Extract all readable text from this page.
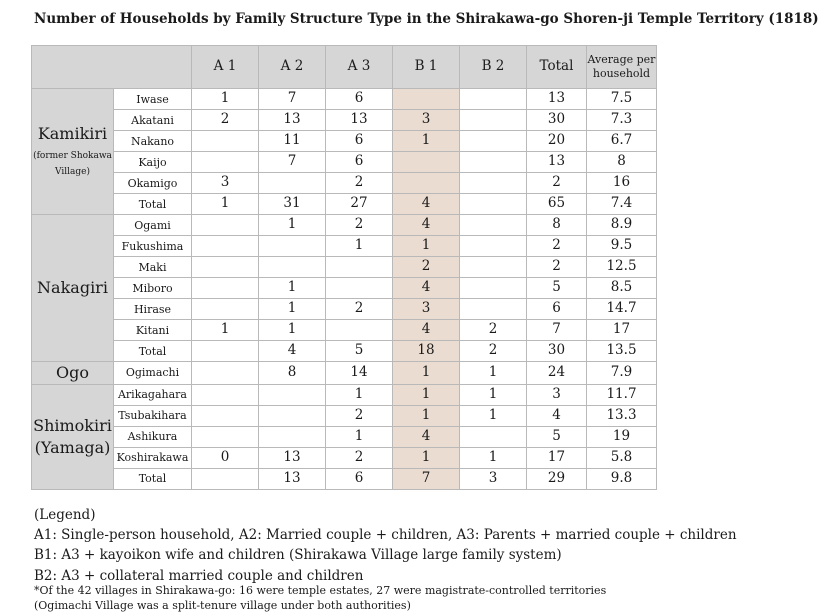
Number of Households by Family Structure Type in the Shirakawa-go Shoren-ji Temple Territory (1818)
		A 1	A 2	A 3	B 1	B 2	Total	Average per household

Kamikiri
(former Shokawa Village)	Iwase	1	7	6			13	7.5
	Akatani	2	13	13	3		30	7.3
	Nakano		11	6	1		20	6.7
	Kaijo		7	6			13	8
	Okamigo	3		2			2	16
	Total	1	31	27	4		65	7.4

Nakagiri	Ogami		1	2	4		8	8.9
	Fukushima			1	1		2	9.5
	Maki				2		2	12.5
	Miboro		1		4		5	8.5
	Hirase		1	2	3		6	14.7
	Kitani	1	1		4	2	7	17
	Total		4	5	18	2	30	13.5

Ogo	Ogimachi		8	14	1	1	24	7.9

Shimokiri
(Yamaga)	Arikagahara			1	1	1	3	11.7
	Tsubakihara			2	1	1	4	13.3
	Ashikura			1	4		5	19
	Koshirakawa	0	13	2	1	1	17	5.8
	Total		13	6	7	3	29	9.8
(Legend)
A1: Single-person household, A2: Married couple + children, A3: Parents + married couple + children
B1: A3 + kayoikon wife and children (Shirakawa Village large family system)
B2: A3 + collateral married couple and children
*Of the 42 villages in Shirakawa-go: 16 were temple estates, 27 were magistrate-controlled territories
(Ogimachi Village was a split-tenure village under both authorities)
